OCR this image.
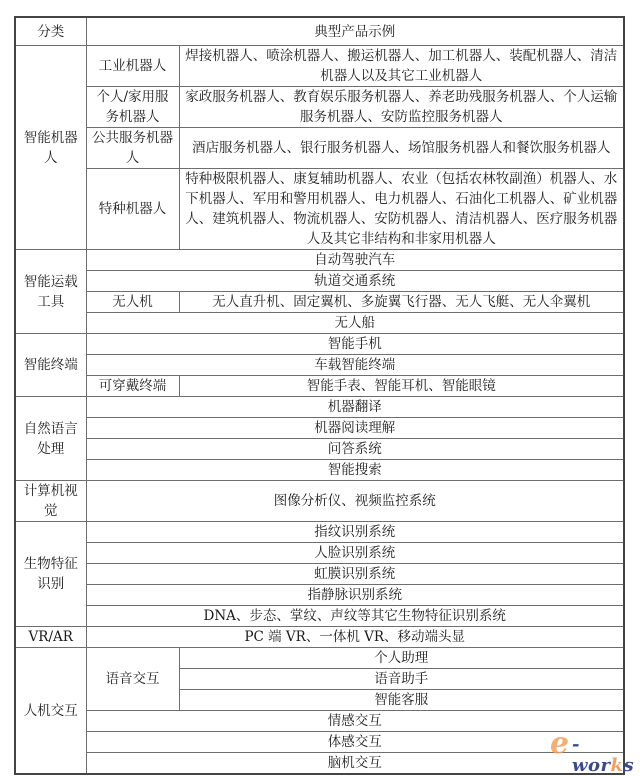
分类	典型产品示例	
智能机器人	工业机器人	焊接机器人、喷涂机器人、搬运机器人、加工机器人、装配机器人、清洁机器人以及其它工业机器人
	个人/家用服务机器人	家政服务机器人、教育娱乐服务机器人、养老助残服务机器人、个人运输服务机器人、安防监控服务机器人
	公共服务机器人	酒店服务机器人、银行服务机器人、场馆服务机器人和餐饮服务机器人
	特种机器人	特种极限机器人、康复辅助机器人、农业（包括农林牧副渔）机器人、水下机器人、军用和警用机器人、电力机器人、石油化工机器人、矿业机器人、建筑机器人、物流机器人、安防机器人、清洁机器人、医疗服务机器人及其它非结构和非家用机器人
智能运载工具	自动驾驶汽车	
	轨道交通系统	
	无人机	无人直升机、固定翼机、多旋翼飞行器、无人飞艇、无人伞翼机
	无人船	
智能终端	智能手机	
	车载智能终端	
	可穿戴终端	智能手表、智能耳机、智能眼镜
自然语言处理	机器翻译	
	机器阅读理解	
	问答系统	
	智能搜索	
计算机视觉	图像分析仪、视频监控系统	
生物特征识别	指纹识别系统	
	人脸识别系统	
	虹膜识别系统	
	指静脉识别系统	
	DNA、步态、掌纹、声纹等其它生物特征识别系统	
VR/AR	PC 端 VR、一体机 VR、移动端头显	
人机交互	语音交互	个人助理
		语音助手
		智能客服
	情感交互	
	体感交互	
	脑机交互	
e -works
